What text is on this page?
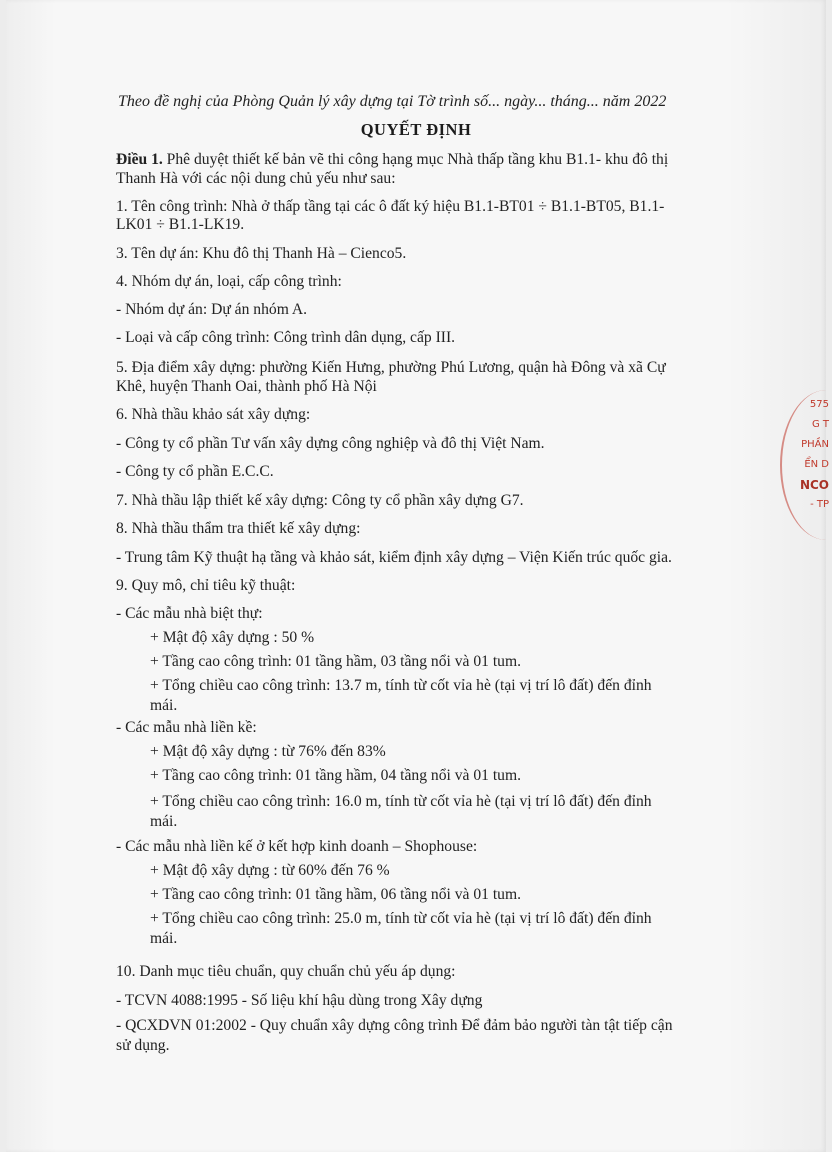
Theo đề nghị của Phòng Quản lý xây dựng tại Tờ trình số... ngày... tháng... năm 2022
QUYẾT ĐỊNH
Điều 1. Phê duyệt thiết kế bản vẽ thi công hạng mục Nhà thấp tầng khu B1.1- khu đô thị
Thanh Hà với các nội dung chủ yếu như sau:
1. Tên công trình: Nhà ở thấp tầng tại các ô đất ký hiệu B1.1-BT01 ÷ B1.1-BT05, B1.1-
LK01 ÷ B1.1-LK19.
3. Tên dự án: Khu đô thị Thanh Hà – Cienco5.
4. Nhóm dự án, loại, cấp công trình:
- Nhóm dự án: Dự án nhóm A.
- Loại và cấp công trình: Công trình dân dụng, cấp III.
5. Địa điểm xây dựng: phường Kiến Hưng, phường Phú Lương, quận hà Đông và xã Cự
Khê, huyện Thanh Oai, thành phố Hà Nội
6. Nhà thầu khảo sát xây dựng:
- Công ty cổ phần Tư vấn xây dựng công nghiệp và đô thị Việt Nam.
- Công ty cổ phần E.C.C.
7. Nhà thầu lập thiết kế xây dựng: Công ty cổ phần xây dựng G7.
8. Nhà thầu thẩm tra thiết kế xây dựng:
- Trung tâm Kỹ thuật hạ tầng và khảo sát, kiểm định xây dựng – Viện Kiến trúc quốc gia.
9. Quy mô, chỉ tiêu kỹ thuật:
- Các mẫu nhà biệt thự:
+ Mật độ xây dựng : 50 %
+ Tầng cao công trình: 01 tầng hầm, 03 tầng nổi và 01 tum.
+ Tổng chiều cao công trình: 13.7 m, tính từ cốt vỉa hè (tại vị trí lô đất) đến đỉnh
mái.
- Các mẫu nhà liền kề:
+ Mật độ xây dựng : từ 76% đến 83%
+ Tầng cao công trình: 01 tầng hầm, 04 tầng nổi và 01 tum.
+ Tổng chiều cao công trình: 16.0 m, tính từ cốt vỉa hè (tại vị trí lô đất) đến đỉnh
mái.
- Các mẫu nhà liền kế ở kết hợp kinh doanh – Shophouse:
+ Mật độ xây dựng : từ 60% đến 76 %
+ Tầng cao công trình: 01 tầng hầm, 06 tầng nổi và 01 tum.
+ Tổng chiều cao công trình: 25.0 m, tính từ cốt vỉa hè (tại vị trí lô đất) đến đỉnh
mái.
10. Danh mục tiêu chuẩn, quy chuẩn chủ yếu áp dụng:
- TCVN 4088:1995 - Số liệu khí hậu dùng trong Xây dựng
- QCXDVN 01:2002 - Quy chuẩn xây dựng công trình Để đảm bảo người tàn tật tiếp cận
sử dụng.
575
G T
PHẦN
ỂN D
NCO
- TP
